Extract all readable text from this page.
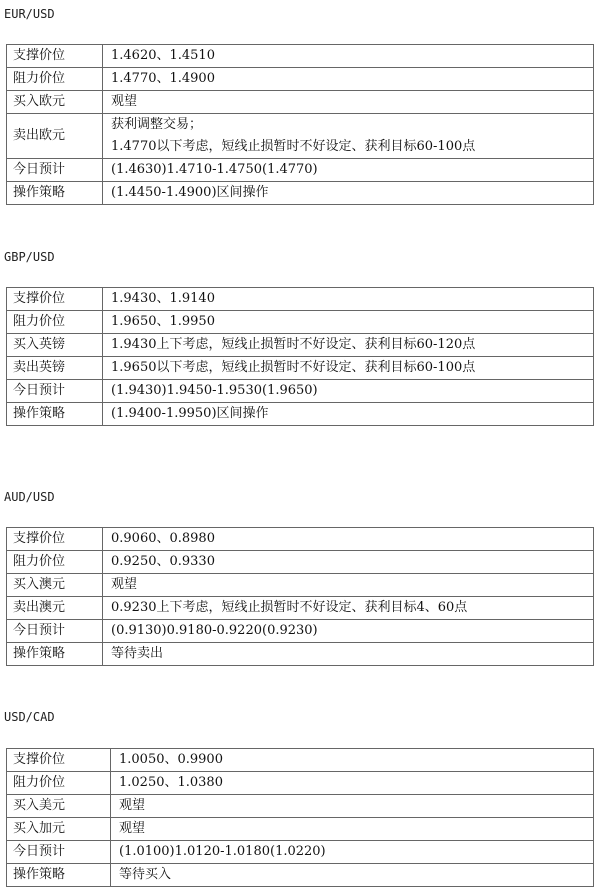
EUR/USD
支撑价位	1.4620、1.4510

阻力价位	1.4770、1.4900

买入欧元	观望

卖出欧元	获利调整交易；
1.4770以下考虑，短线止损暂时不好设定、获利目标60-100点

今日预计	(1.4630)1.4710-1.4750(1.4770)

操作策略	(1.4450-1.4900)区间操作
GBP/USD
支撑价位	1.9430、1.9140

阻力价位	1.9650、1.9950

买入英镑	1.9430上下考虑，短线止损暂时不好设定、获利目标60-120点

卖出英镑	1.9650以下考虑，短线止损暂时不好设定、获利目标60-100点

今日预计	(1.9430)1.9450-1.9530(1.9650)

操作策略	(1.9400-1.9950)区间操作
AUD/USD
支撑价位	0.9060、0.8980

阻力价位	0.9250、0.9330

买入澳元	观望

卖出澳元	0.9230上下考虑，短线止损暂时不好设定、获利目标4、60点

今日预计	(0.9130)0.9180-0.9220(0.9230)

操作策略	等待卖出
USD/CAD
支撑价位	1.0050、0.9900

阻力价位	1.0250、1.0380

买入美元	观望

买入加元	观望

今日预计	(1.0100)1.0120-1.0180(1.0220)

操作策略	等待买入
